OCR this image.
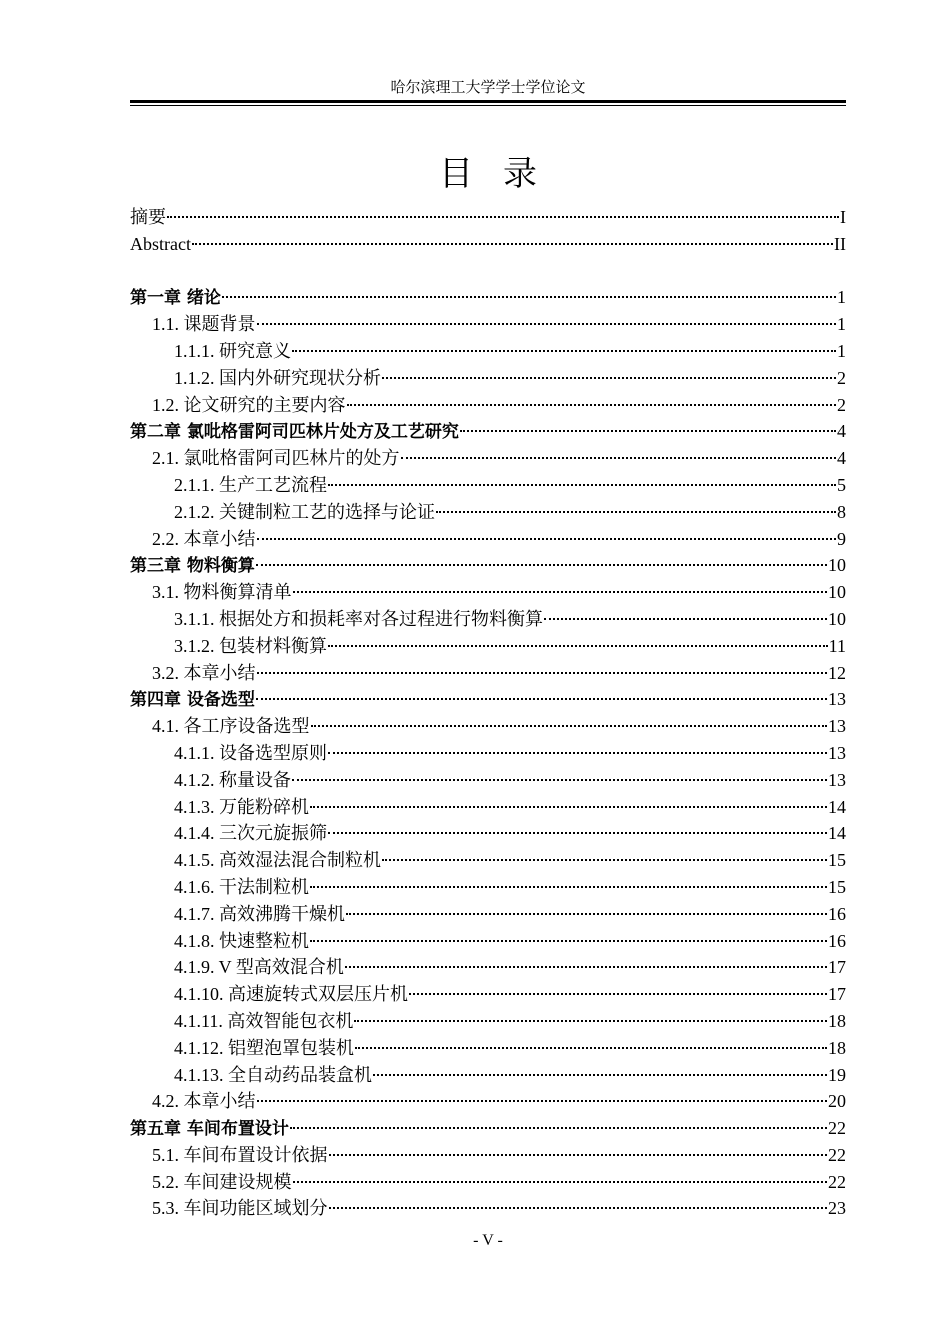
哈尔滨理工大学学士学位论文
目录
摘要	I
Abstract	II
第一章 绪论	1
1.1. 课题背景	1
1.1.1. 研究意义	1
1.1.2. 国内外研究现状分析	2
1.2. 论文研究的主要内容	2
第二章 氯吡格雷阿司匹林片处方及工艺研究	4
2.1. 氯吡格雷阿司匹林片的处方	4
2.1.1. 生产工艺流程	5
2.1.2. 关键制粒工艺的选择与论证	8
2.2. 本章小结	9
第三章 物料衡算	10
3.1. 物料衡算清单	10
3.1.1. 根据处方和损耗率对各过程进行物料衡算	10
3.1.2. 包装材料衡算	11
3.2. 本章小结	12
第四章 设备选型	13
4.1. 各工序设备选型	13
4.1.1. 设备选型原则	13
4.1.2. 称量设备	13
4.1.3. 万能粉碎机	14
4.1.4. 三次元旋振筛	14
4.1.5. 高效湿法混合制粒机	15
4.1.6. 干法制粒机	15
4.1.7. 高效沸腾干燥机	16
4.1.8. 快速整粒机	16
4.1.9. V 型高效混合机	17
4.1.10. 高速旋转式双层压片机	17
4.1.11. 高效智能包衣机	18
4.1.12. 铝塑泡罩包装机	18
4.1.13. 全自动药品装盒机	19
4.2. 本章小结	20
第五章 车间布置设计	22
5.1. 车间布置设计依据	22
5.2. 车间建设规模	22
5.3. 车间功能区域划分	23
- V -
